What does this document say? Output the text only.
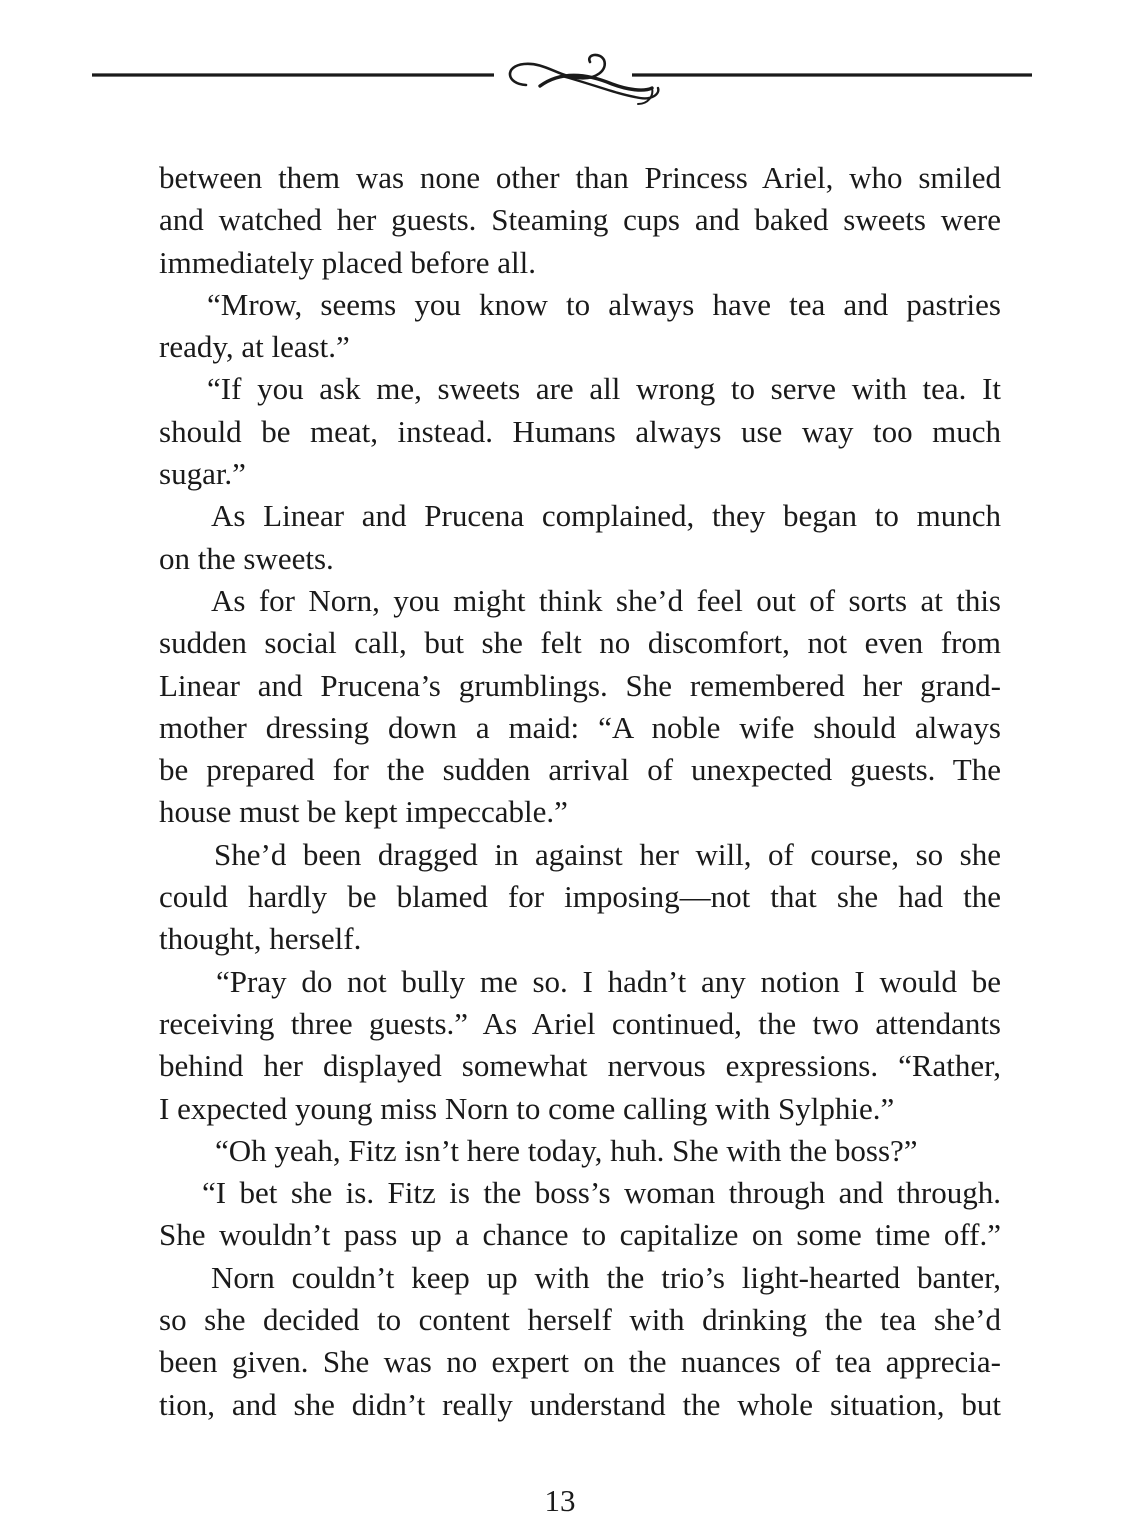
between them was none other than Princess Ariel, who smiled
and watched her guests. Steaming cups and baked sweets were
immediately placed before all.
“Mrow, seems you know to always have tea and pastries
ready, at least.”
“If you ask me, sweets are all wrong to serve with tea. It
should be meat, instead. Humans always use way too much
sugar.”
As Linear and Prucena complained, they began to munch
on the sweets.
As for Norn, you might think she’d feel out of sorts at this
sudden social call, but she felt no discomfort, not even from
Linear and Prucena’s grumblings. She remembered her grand-
mother dressing down a maid: “A noble wife should always
be prepared for the sudden arrival of unexpected guests. The
house must be kept impeccable.”
She’d been dragged in against her will, of course, so she
could hardly be blamed for imposing—not that she had the
thought, herself.
“Pray do not bully me so. I hadn’t any notion I would be
receiving three guests.” As Ariel continued, the two attendants
behind her displayed somewhat nervous expressions. “Rather,
I expected young miss Norn to come calling with Sylphie.”
“Oh yeah, Fitz isn’t here today, huh. She with the boss?”
“I bet she is. Fitz is the boss’s woman through and through.
She wouldn’t pass up a chance to capitalize on some time off.”
Norn couldn’t keep up with the trio’s light-hearted banter,
so she decided to content herself with drinking the tea she’d
been given. She was no expert on the nuances of tea apprecia-
tion, and she didn’t really understand the whole situation, but
13
